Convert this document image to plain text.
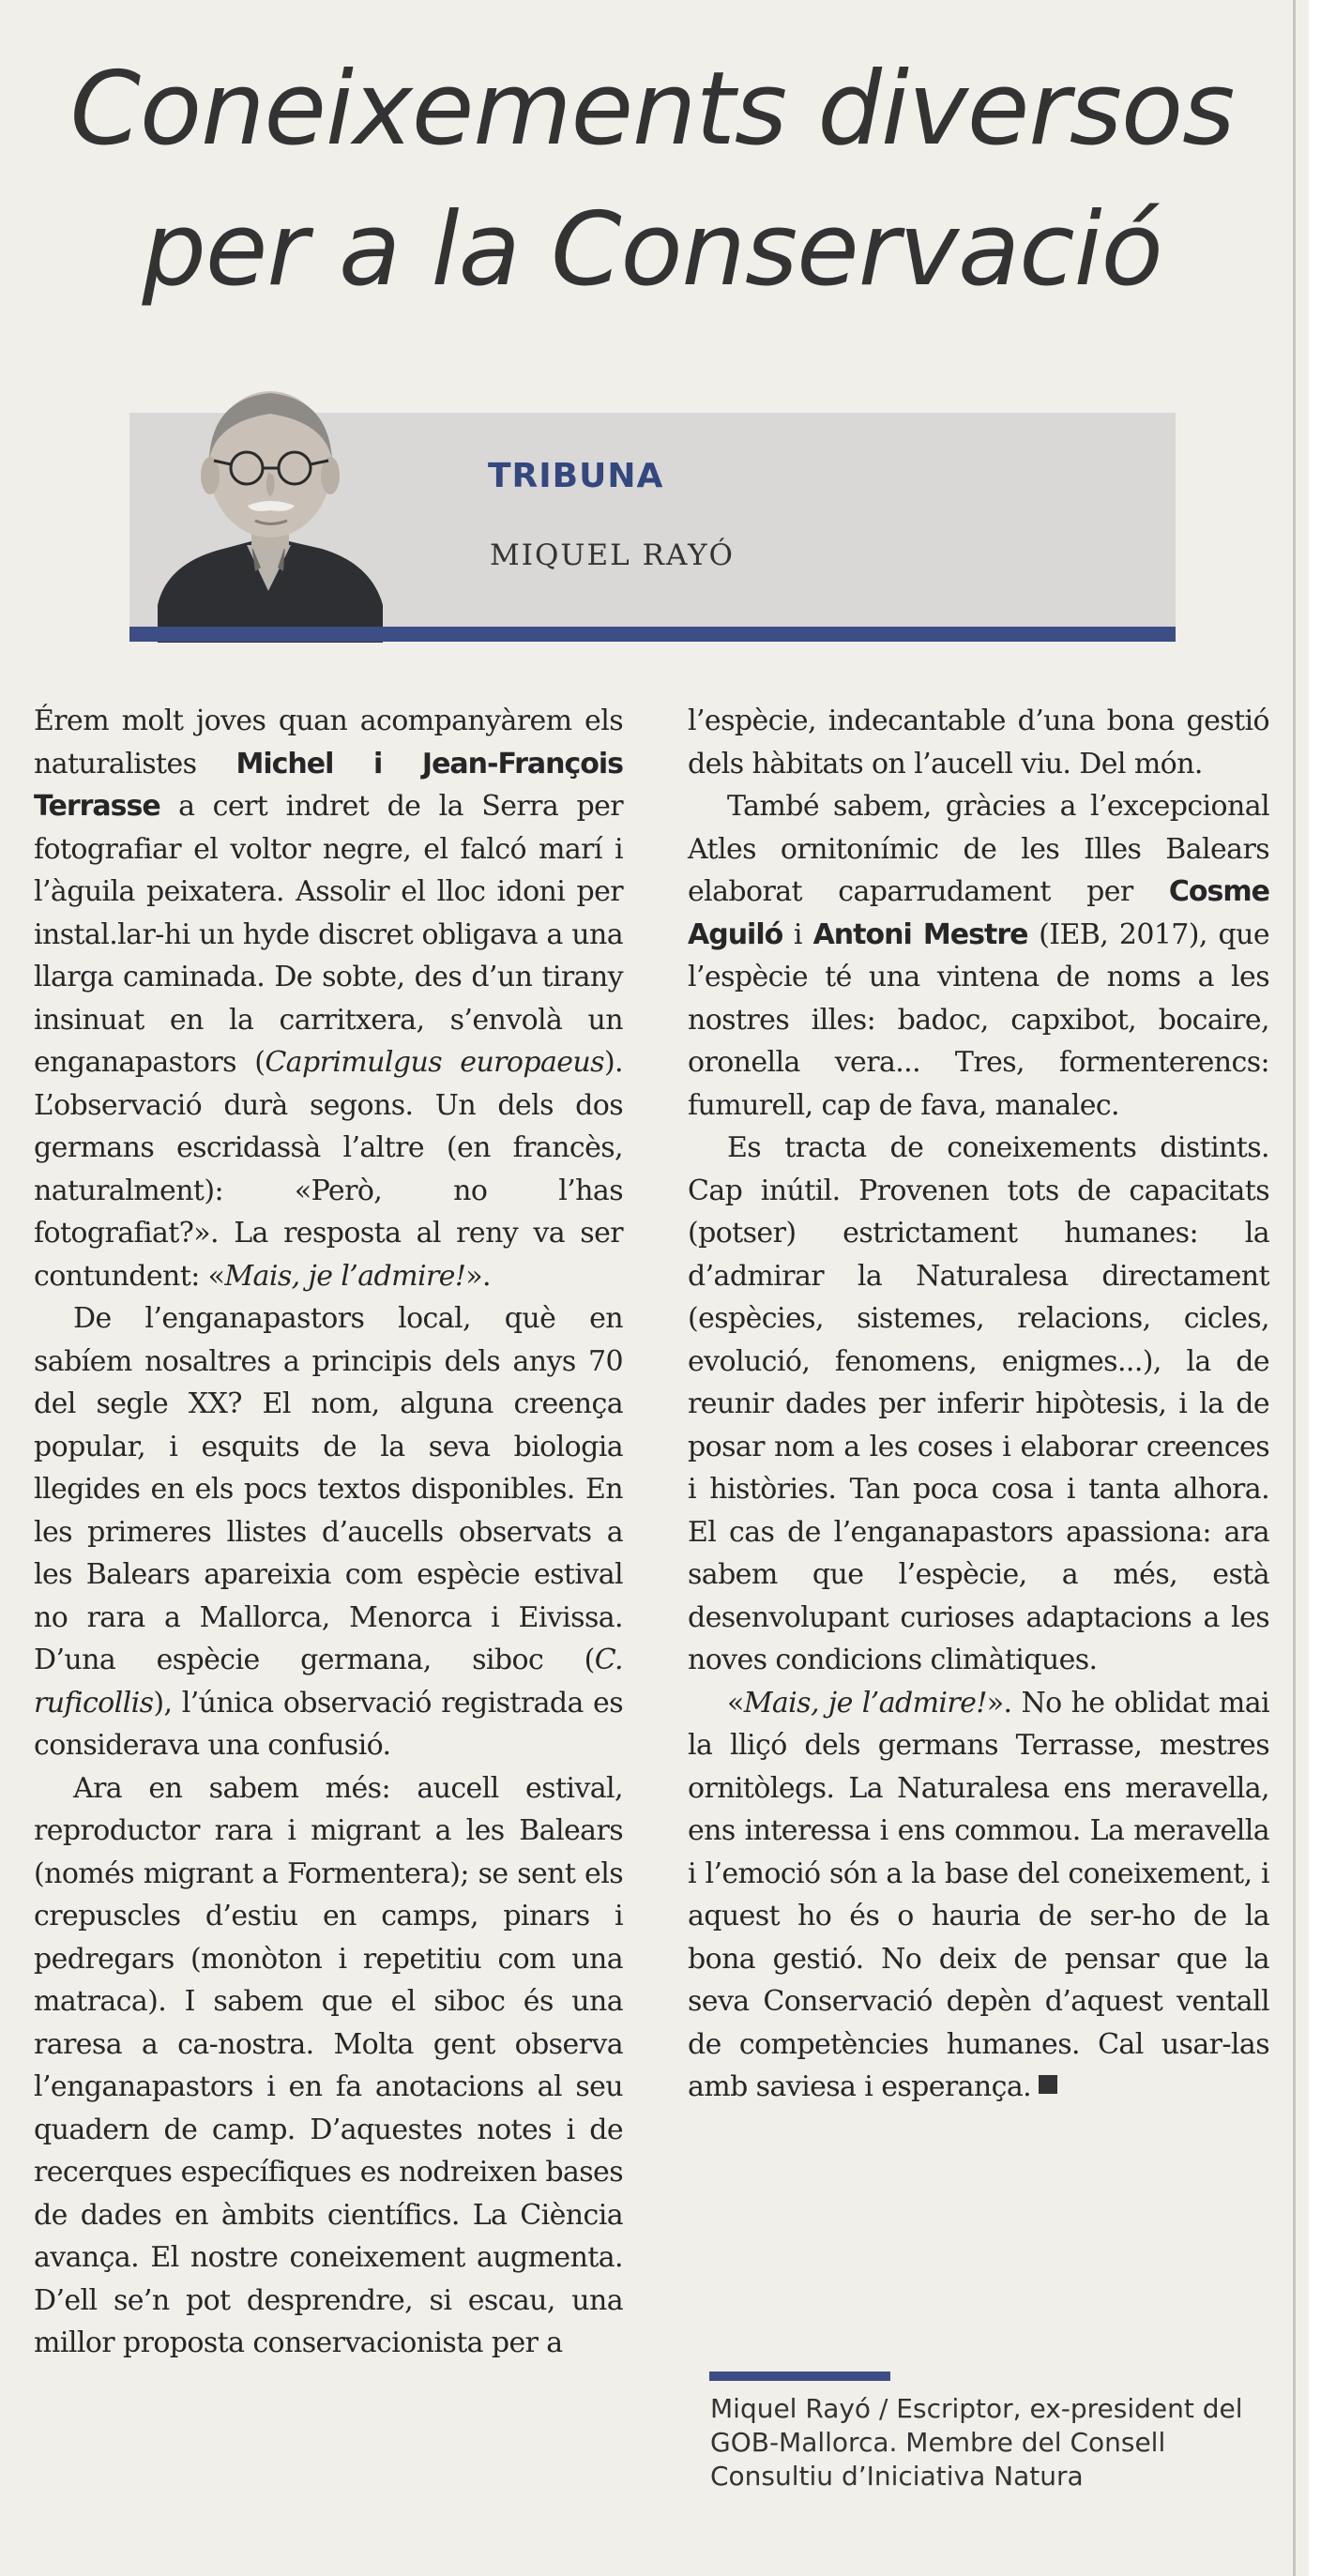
Coneixements diversos
per a la Conservació
TRIBUNA
MIQUEL RAYÓ

Érem molt joves quan acompanyàrem els naturalistes Michel i Jean-François Terrasse a cert indret de la Serra per fotografiar el voltor negre, el falcó marí i l’àguila peixatera. Assolir el lloc idoni per instal.lar-hi un hyde discret obligava a una llarga caminada. De sobte, des d’un tirany insinuat en la carritxera, s’envolà un enganapastors (Caprimulgus europaeus). L’observació durà segons. Un dels dos germans escridassà l’altre (en francès, naturalment): «Però, no l’has fotografiat?». La resposta al reny va ser contundent: «Mais, je l’admire!».

De l’enganapastors local, què en sabíem nosaltres a principis dels anys 70 del segle XX? El nom, alguna creença popular, i esquits de la seva biologia llegides en els pocs textos disponibles. En les primeres llistes d’aucells observats a les Balears apareixia com espècie estival no rara a Mallorca, Menorca i Eivissa. D’una espècie germana, siboc (C. ruficollis), l’única observació registrada es considerava una confusió.

Ara en sabem més: aucell estival, reproductor rara i migrant a les Balears (només migrant a Formentera); se sent els crepuscles d’estiu en camps, pinars i pedregars (monòton i repetitiu com una matraca). I sabem que el siboc és una raresa a ca-nostra. Molta gent observa l’enganapastors i en fa anotacions al seu quadern de camp. D’aquestes notes i de recerques específiques es nodreixen bases de dades en àmbits científics. La Ciència avança. El nostre coneixement augmenta. D’ell se’n pot desprendre, si escau, una millor proposta conservacionista per a

l’espècie, indecantable d’una bona gestió dels hàbitats on l’aucell viu. Del món.

També sabem, gràcies a l’excepcional Atles ornitonímic de les Illes Balears elaborat caparrudament per Cosme Aguiló i Antoni Mestre (IEB, 2017), que l’espècie té una vintena de noms a les nostres illes: badoc, capxibot, bocaire, oronella vera... Tres, formenterencs: fumurell, cap de fava, manalec.

Es tracta de coneixements distints. Cap inútil. Provenen tots de capacitats (potser) estrictament humanes: la d’admirar la Naturalesa directament (espècies, sistemes, relacions, cicles, evolució, fenomens, enigmes...), la de reunir dades per inferir hipòtesis, i la de posar nom a les coses i elaborar creences i històries. Tan poca cosa i tanta alhora. El cas de l’enganapastors apassiona: ara sabem que l’espècie, a més, està desenvolupant curioses adaptacions a les noves condicions climàtiques.

«Mais, je l’admire!». No he oblidat mai la lliçó dels germans Terrasse, mestres ornitòlegs. La Naturalesa ens meravella, ens interessa i ens commou. La meravella i l’emoció són a la base del coneixement, i aquest ho és o hauria de ser-ho de la bona gestió. No deix de pensar que la seva Conservació depèn d’aquest ventall de competències humanes. Cal usar-las amb saviesa i esperança.

Miquel Rayó / Escriptor, ex-president del GOB-Mallorca. Membre del Consell Consultiu d’Iniciativa Natura
